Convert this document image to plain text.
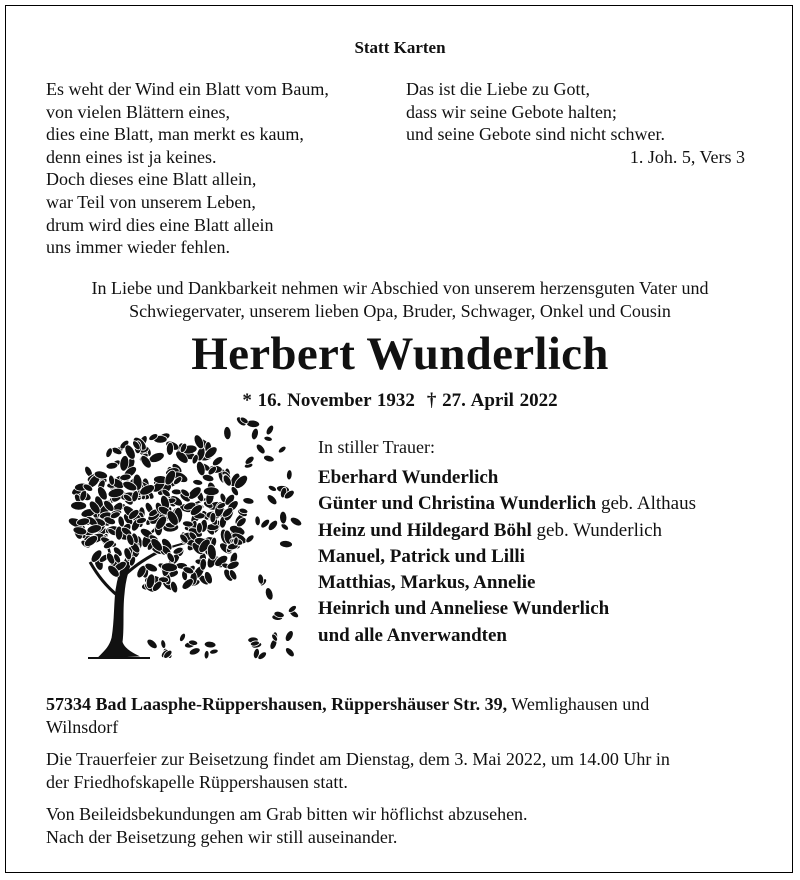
Statt Karten
Es weht der Wind ein Blatt vom Baum,
von vielen Blättern eines,
dies eine Blatt, man merkt es kaum,
denn eines ist ja keines.
Doch dieses eine Blatt allein,
war Teil von unserem Leben,
drum wird dies eine Blatt allein
uns immer wieder fehlen.
Das ist die Liebe zu Gott,
dass wir seine Gebote halten;
und seine Gebote sind nicht schwer.
1. Joh. 5, Vers 3
In Liebe und Dankbarkeit nehmen wir Abschied von unserem herzensguten Vater und
Schwiegervater, unserem lieben Opa, Bruder, Schwager, Onkel und Cousin
Herbert Wunderlich
* 16. November 1932 † 27. April 2022
In stiller Trauer:
Eberhard Wunderlich
Günter und Christina Wunderlich geb. Althaus
Heinz und Hildegard Böhl geb. Wunderlich
Manuel, Patrick und Lilli
Matthias, Markus, Annelie
Heinrich und Anneliese Wunderlich
und alle Anverwandten
57334 Bad Laasphe-Rüppershausen, Rüppershäuser Str. 39, Wemlighausen und
Wilnsdorf
Die Trauerfeier zur Beisetzung findet am Dienstag, dem 3. Mai 2022, um 14.00 Uhr in
der Friedhofskapelle Rüppershausen statt.
Von Beileidsbekundungen am Grab bitten wir höflichst abzusehen.
Nach der Beisetzung gehen wir still auseinander.
